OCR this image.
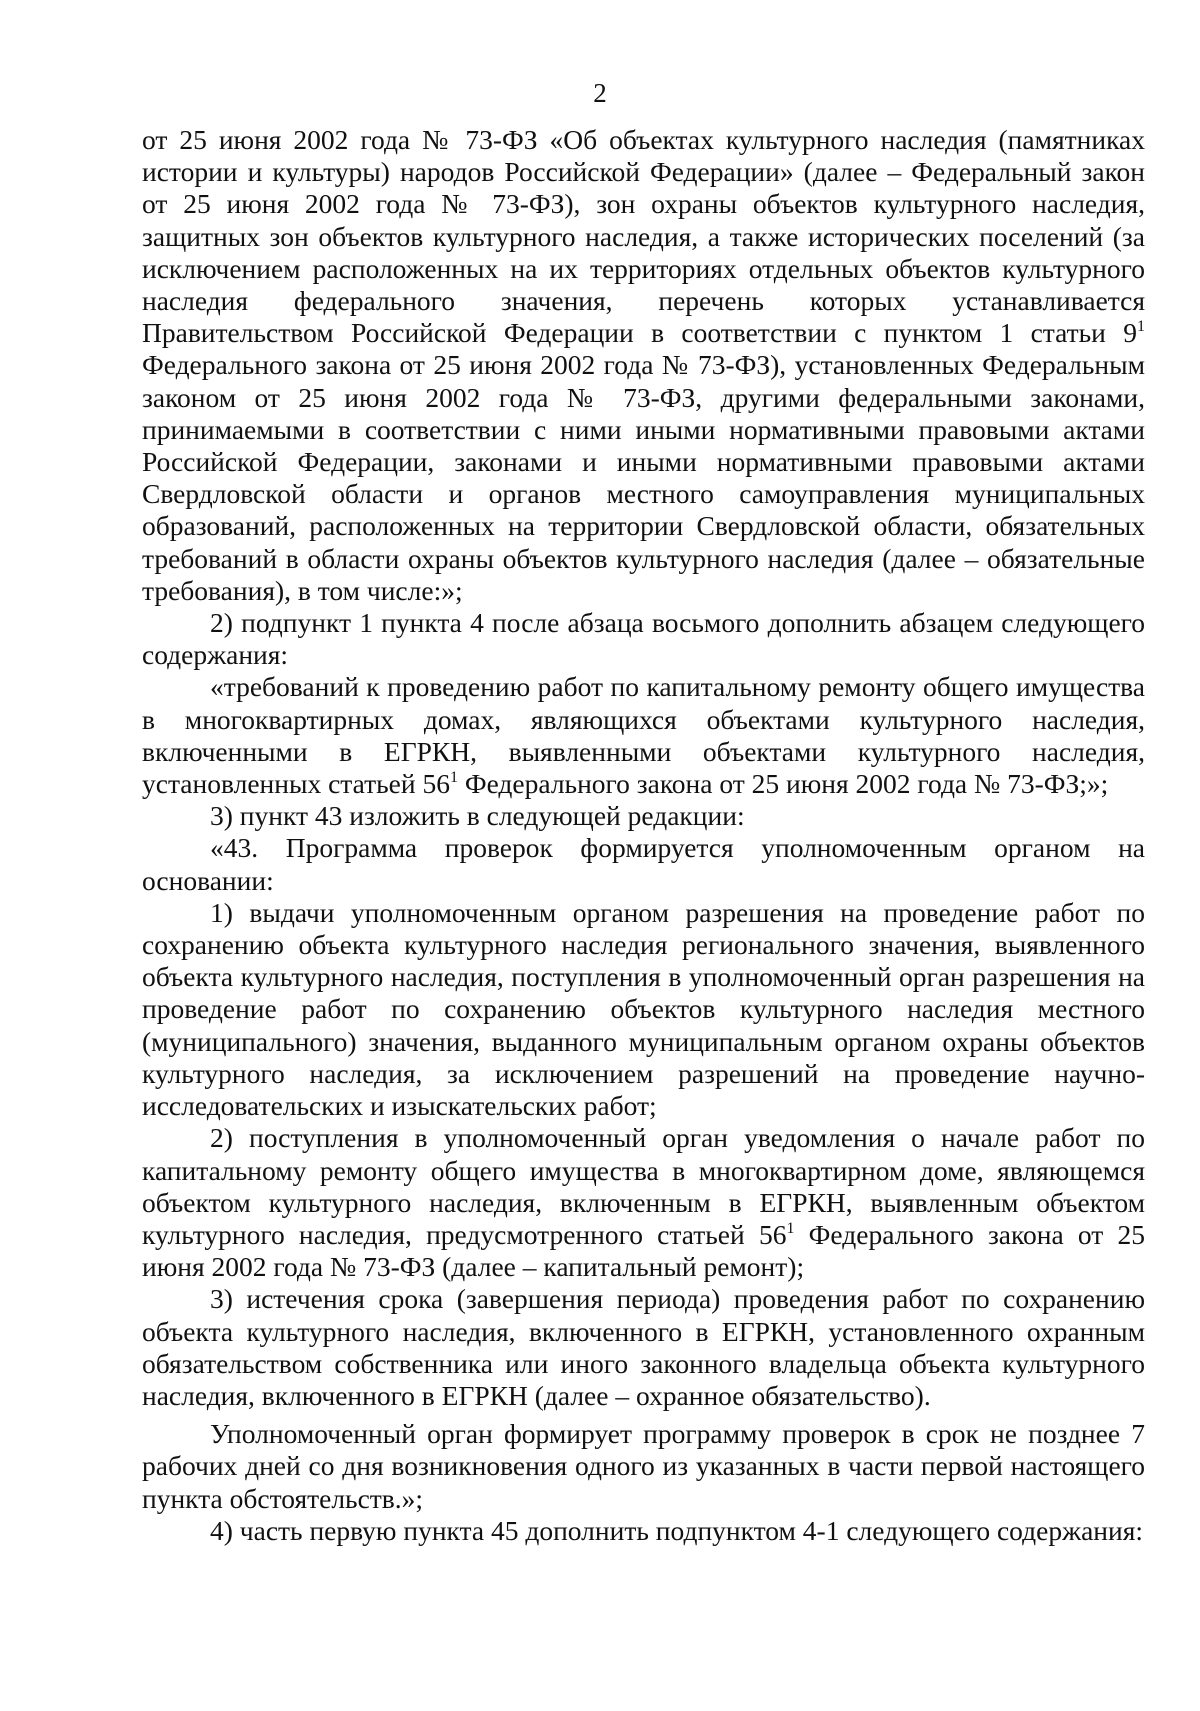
2

от 25 июня 2002 года № 73-ФЗ «Об объектах культурного наследия (памятниках истории и культуры) народов Российской Федерации» (далее – Федеральный закон от 25 июня 2002 года № 73-ФЗ), зон охраны объектов культурного наследия, защитных зон объектов культурного наследия, а также исторических поселений (за исключением расположенных на их территориях отдельных объектов культурного наследия федерального значения, перечень которых устанавливается Правительством Российской Федерации в соответствии с пунктом 1 статьи $9^1$ Федерального закона от 25 июня 2002 года № 73-ФЗ), установленных Федеральным законом от 25 июня 2002 года № 73-ФЗ, другими федеральными законами, принимаемыми в соответствии с ними иными нормативными правовыми актами Российской Федерации, законами и иными нормативными правовыми актами Свердловской области и органов местного самоуправления муниципальных образований, расположенных на территории Свердловской области, обязательных требований в области охраны объектов культурного наследия (далее – обязательные требования), в том числе:»;

2) подпункт 1 пункта 4 после абзаца восьмого дополнить абзацем следующего содержания:

«требований к проведению работ по капитальному ремонту общего имущества в многоквартирных домах, являющихся объектами культурного наследия, включенными в ЕГРКН, выявленными объектами культурного наследия, установленных статьей $56^1$ Федерального закона от 25 июня 2002 года № 73-ФЗ;»;

3) пункт 43 изложить в следующей редакции:

«43. Программа проверок формируется уполномоченным органом на основании:

1) выдачи уполномоченным органом разрешения на проведение работ по сохранению объекта культурного наследия регионального значения, выявленного объекта культурного наследия, поступления в уполномоченный орган разрешения на проведение работ по сохранению объектов культурного наследия местного (муниципального) значения, выданного муниципальным органом охраны объектов культурного наследия, за исключением разрешений на проведение научно-исследовательских и изыскательских работ;

2) поступления в уполномоченный орган уведомления о начале работ по капитальному ремонту общего имущества в многоквартирном доме, являющемся объектом культурного наследия, включенным в ЕГРКН, выявленным объектом культурного наследия, предусмотренного статьей $56^1$ Федерального закона от 25 июня 2002 года № 73-ФЗ (далее – капитальный ремонт);

3) истечения срока (завершения периода) проведения работ по сохранению объекта культурного наследия, включенного в ЕГРКН, установленного охранным обязательством собственника или иного законного владельца объекта культурного наследия, включенного в ЕГРКН (далее – охранное обязательство).

Уполномоченный орган формирует программу проверок в срок не позднее 7 рабочих дней со дня возникновения одного из указанных в части первой настоящего пункта обстоятельств.»;

4) часть первую пункта 45 дополнить подпунктом 4-1 следующего содержания:
